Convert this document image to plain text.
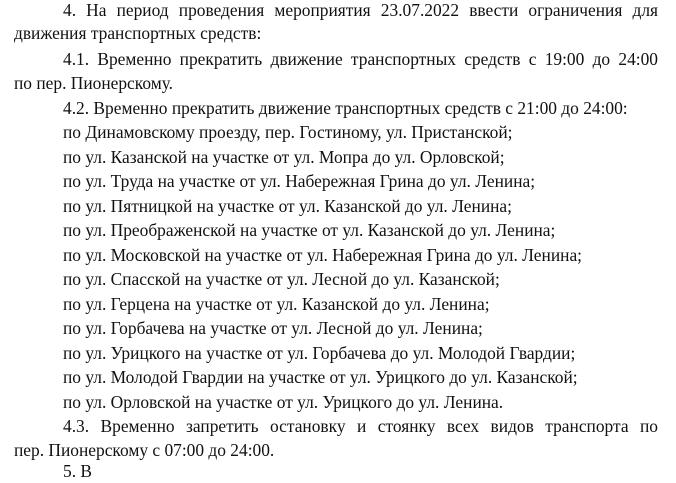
4. На период проведения мероприятия 23.07.2022 ввести ограничения для
движения транспортных средств:
4.1. Временно прекратить движение транспортных средств с 19:00 до 24:00
по пер. Пионерскому.
4.2. Временно прекратить движение транспортных средств с 21:00 до 24:00:
по Динамовскому проезду, пер. Гостиному, ул. Пристанской;
по ул. Казанской на участке от ул. Мопра до ул. Орловской;
по ул. Труда на участке от ул. Набережная Грина до ул. Ленина;
по ул. Пятницкой на участке от ул. Казанской до ул. Ленина;
по ул. Преображенской на участке от ул. Казанской до ул. Ленина;
по ул. Московской на участке от ул. Набережная Грина до ул. Ленина;
по ул. Спасской на участке от ул. Лесной до ул. Казанской;
по ул. Герцена на участке от ул. Казанской до ул. Ленина;
по ул. Горбачева на участке от ул. Лесной до ул. Ленина;
по ул. Урицкого на участке от ул. Горбачева до ул. Молодой Гвардии;
по ул. Молодой Гвардии на участке от ул. Урицкого до ул. Казанской;
по ул. Орловской на участке от ул. Урицкого до ул. Ленина.
4.3. Временно запретить остановку и стоянку всех видов транспорта по
пер. Пионерскому с 07:00 до 24:00.
5. В
